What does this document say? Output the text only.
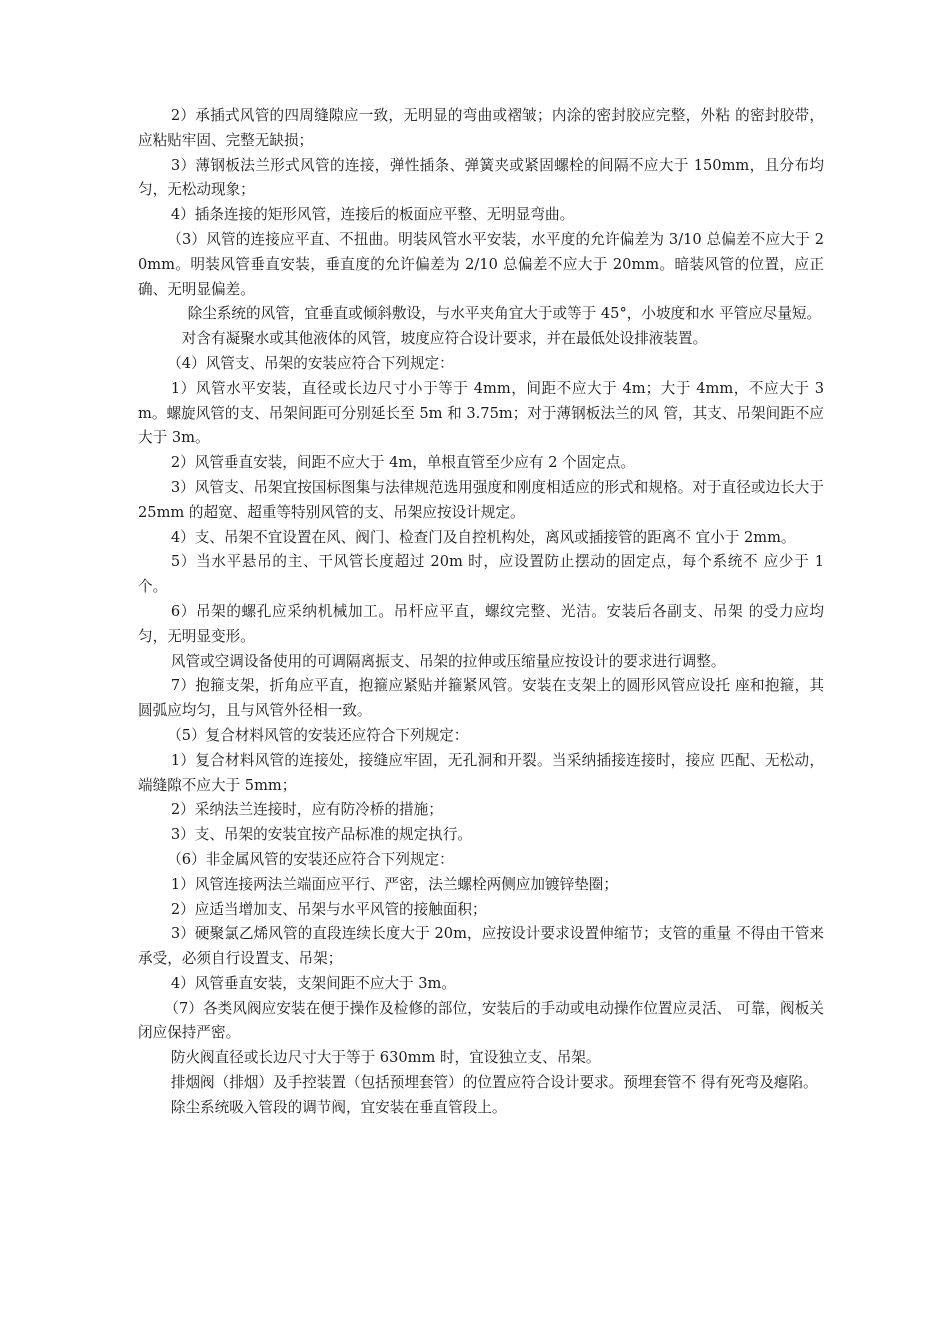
2）承插式风管的四周缝隙应一致，无明显的弯曲或褶皱；内涂的密封胶应完整，外粘 的密封胶带，应粘贴牢固、完整无缺损；

3）薄钢板法兰形式风管的连接，弹性插条、弹簧夹或紧固螺栓的间隔不应大于 150mm，且分布均匀，无松动现象；

4）插条连接的矩形风管，连接后的板面应平整、无明显弯曲。

（3）风管的连接应平直、不扭曲。明装风管水平安装，水平度的允许偏差为 3/10 总偏差不应大于 20mm。明装风管垂直安装，垂直度的允许偏差为 2/10 总偏差不应大于 20mm。暗装风管的位置，应正确、无明显偏差。

除尘系统的风管，宜垂直或倾斜敷设，与水平夹角宜大于或等于 45°，小坡度和水 平管应尽量短。

对含有凝聚水或其他液体的风管，坡度应符合设计要求，并在最低处设排液装置。

（4）风管支、吊架的安装应符合下列规定：

1）风管水平安装，直径或长边尺寸小于等于 4mm，间距不应大于 4m；大于 4mm，不应大于 3m。螺旋风管的支、吊架间距可分别延长至 5m 和 3.75m；对于薄钢板法兰的风 管，其支、吊架间距不应大于 3m。

2）风管垂直安装，间距不应大于 4m，单根直管至少应有 2 个固定点。

3）风管支、吊架宜按国标图集与法律规范选用强度和刚度相适应的形式和规格。对于直径或边长大于 25mm 的超宽、超重等特别风管的支、吊架应按设计规定。

4）支、吊架不宜设置在风、阀门、检查门及自控机构处，离风或插接管的距离不 宜小于 2mm。

5）当水平悬吊的主、干风管长度超过 20m 时，应设置防止摆动的固定点，每个系统不 应少于 1 个。

6）吊架的螺孔应采纳机械加工。吊杆应平直，螺纹完整、光洁。安装后各副支、吊架 的受力应均匀，无明显变形。

风管或空调设备使用的可调隔离振支、吊架的拉伸或压缩量应按设计的要求进行调整。

7）抱箍支架，折角应平直，抱箍应紧贴并箍紧风管。安装在支架上的圆形风管应设托 座和抱箍，其圆弧应均匀，且与风管外径相一致。

（5）复合材料风管的安装还应符合下列规定：

1）复合材料风管的连接处，接缝应牢固，无孔洞和开裂。当采纳插接连接时，接应 匹配、无松动，端缝隙不应大于 5mm；

2）采纳法兰连接时，应有防冷桥的措施；

3）支、吊架的安装宜按产品标准的规定执行。

（6）非金属风管的安装还应符合下列规定：

1）风管连接两法兰端面应平行、严密，法兰螺栓两侧应加镀锌垫圈；

2）应适当增加支、吊架与水平风管的接触面积；

3）硬聚氯乙烯风管的直段连续长度大于 20m，应按设计要求设置伸缩节；支管的重量 不得由干管来承受，必须自行设置支、吊架；

4）风管垂直安装，支架间距不应大于 3m。

（7）各类风阀应安装在便于操作及检修的部位，安装后的手动或电动操作位置应灵活、 可靠，阀板关闭应保持严密。

防火阀直径或长边尺寸大于等于 630mm 时，宜设独立支、吊架。

排烟阀（排烟）及手控装置（包括预埋套管）的位置应符合设计要求。预埋套管不 得有死弯及瘪陷。

除尘系统吸入管段的调节阀，宜安装在垂直管段上。
